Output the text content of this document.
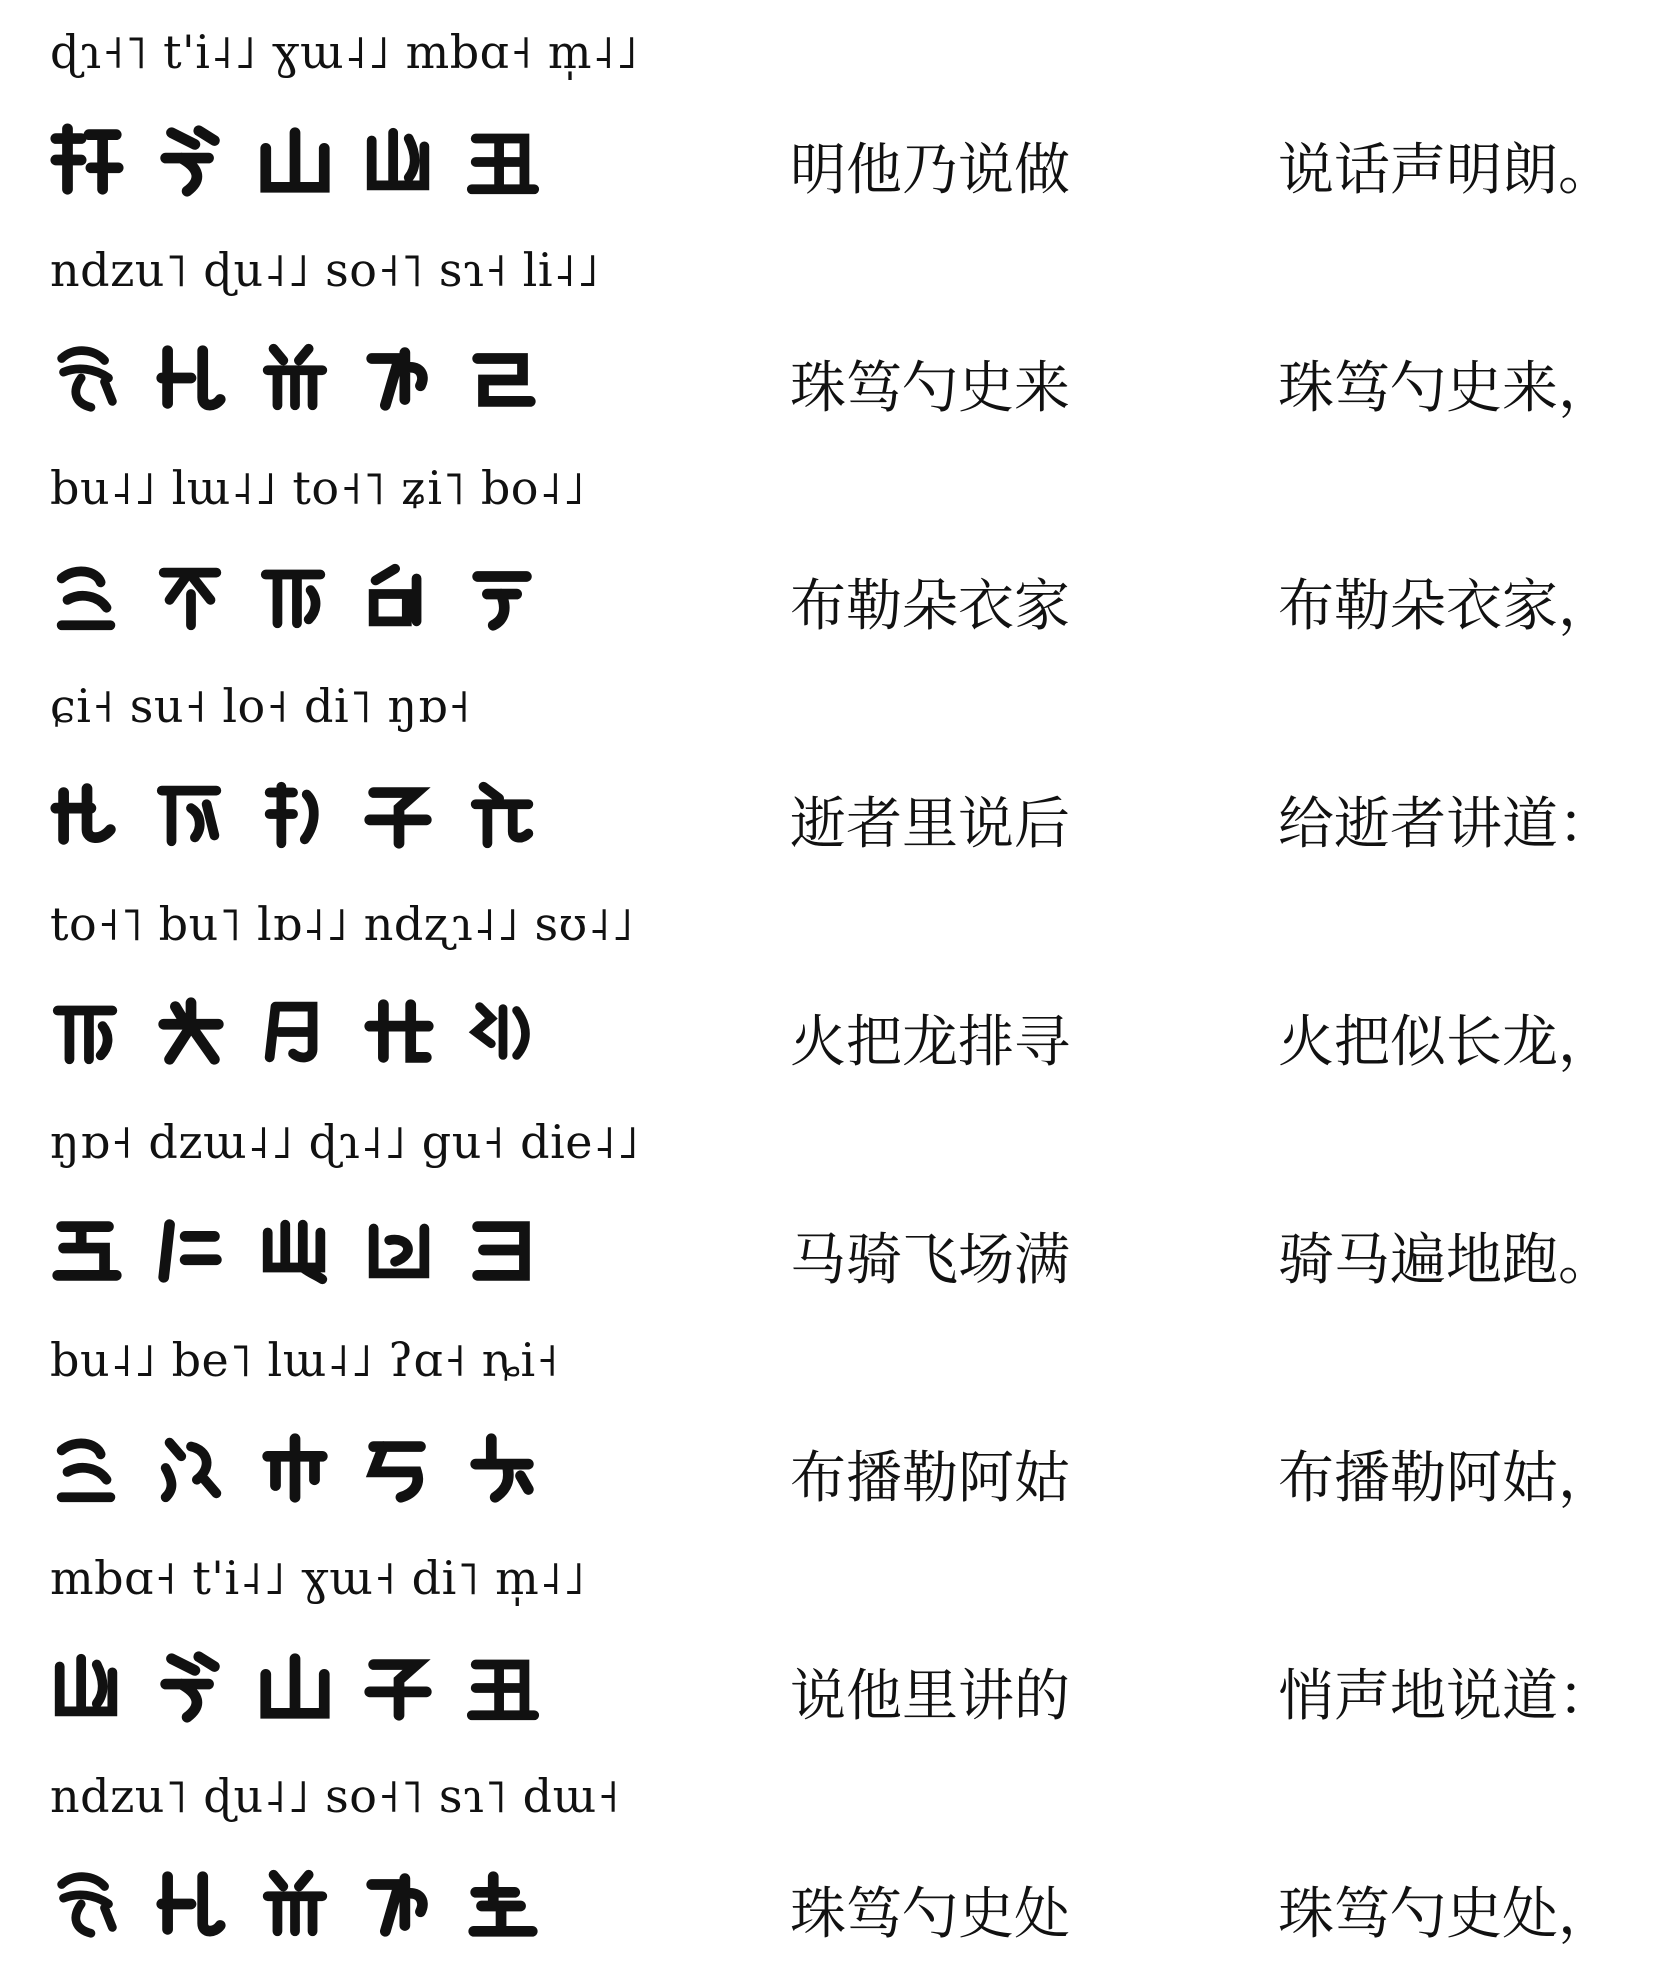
ɖɿ˧˥ t'i˨˩ ɣɯ˨˩ mbɑ˧ m̩˨˩
明他乃说做	说话声明朗。
ndzu˥ ɖu˨˩ so˧˥ sɿ˧ li˨˩
珠笃勺史来	珠笃勺史来，
bu˨˩ lɯ˨˩ to˧˥ ʑi˥ bo˨˩
布勒朵衣家	布勒朵衣家，
ɕi˧ su˧ lo˧ di˥ ŋɒ˧
逝者里说后	给逝者讲道：
to˧˥ bu˥ lɒ˨˩ ndʐɿ˨˩ sʊ˨˩
火把龙排寻	火把似长龙，
ŋɒ˧ dzɯ˨˩ ɖɿ˨˩ gu˧ die˨˩
马骑飞场满	骑马遍地跑。
bu˨˩ be˥ lɯ˨˩ ʔɑ˧ ȵi˧
布播勒阿姑	布播勒阿姑，
mbɑ˧ t'i˨˩ ɣɯ˧ di˥ m̩˨˩
说他里讲的	悄声地说道：
ndzu˥ ɖu˨˩ so˧˥ sɿ˥ dɯ˧
珠笃勺史处	珠笃勺史处，
